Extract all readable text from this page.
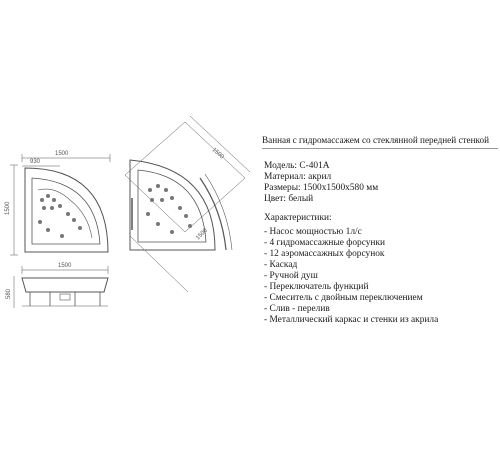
1500
930
1500
1500
580
1500
1500
Ванная с гидромассажем со стеклянной передней стенкой
Модель: С-401А
Материал: акрил
Размеры: 1500х1500х580 мм
Цвет: белый
Характеристики:
- Насос мощностью 1л/с
- 4 гидромассажные форсунки
- 12 аэромассажных форсунок
- Каскад
- Ручной душ
- Переключатель функций
- Смеситель с двойным переключением
- Слив - перелив
- Металлический каркас и стенки из акрила
